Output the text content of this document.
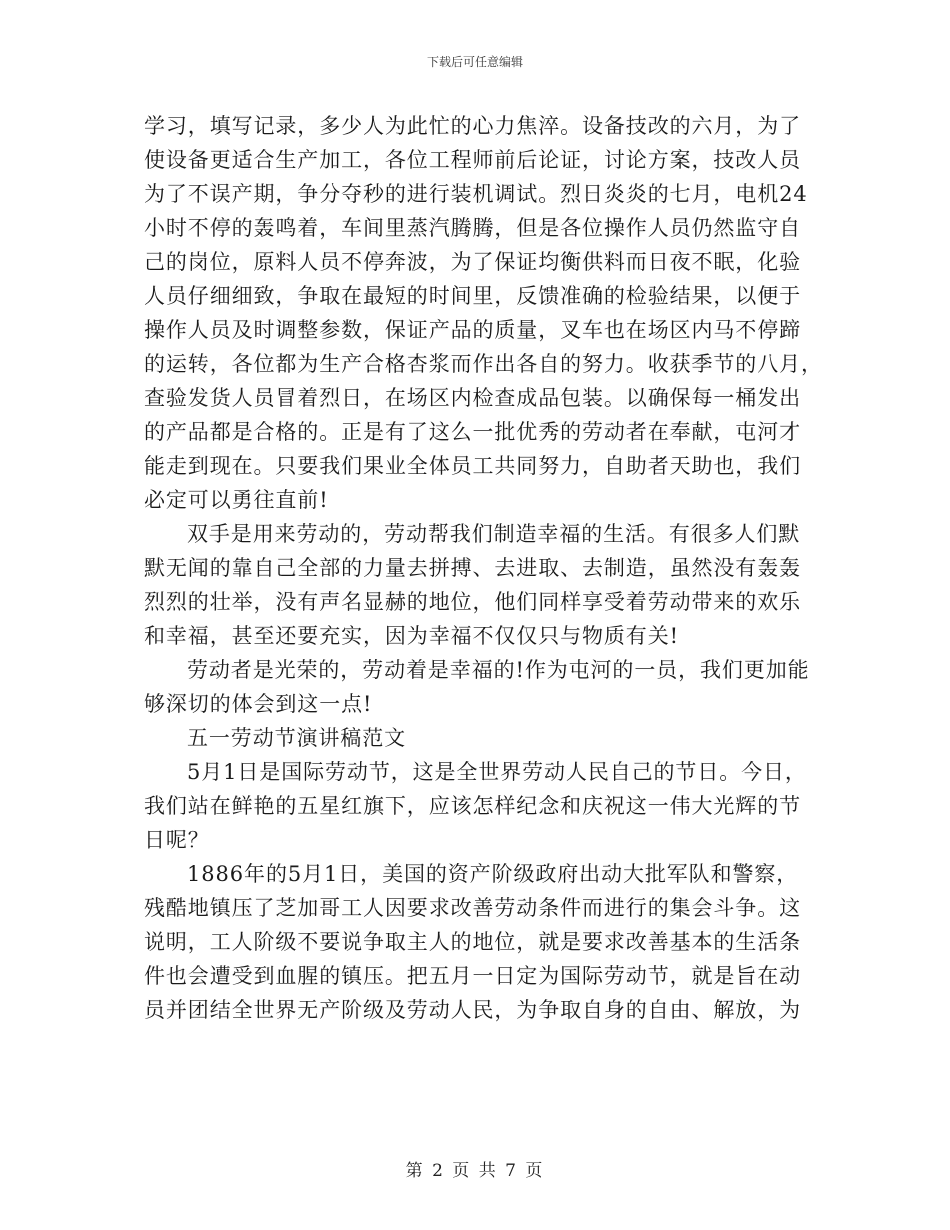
下载后可任意编辑
学习，填写记录，多少人为此忙的心力焦淬。设备技改的六月，为了
使设备更适合生产加工，各位工程师前后论证，讨论方案，技改人员
为了不误产期，争分夺秒的进行装机调试。烈日炎炎的七月，电机24
小时不停的轰鸣着，车间里蒸汽腾腾，但是各位操作人员仍然监守自
己的岗位，原料人员不停奔波，为了保证均衡供料而日夜不眠，化验
人员仔细细致，争取在最短的时间里，反馈准确的检验结果，以便于
操作人员及时调整参数，保证产品的质量，叉车也在场区内马不停蹄
的运转，各位都为生产合格杏浆而作出各自的努力。收获季节的八月，
查验发货人员冒着烈日，在场区内检查成品包装。以确保每一桶发出
的产品都是合格的。正是有了这么一批优秀的劳动者在奉献，屯河才
能走到现在。只要我们果业全体员工共同努力，自助者天助也，我们
必定可以勇往直前!
双手是用来劳动的，劳动帮我们制造幸福的生活。有很多人们默
默无闻的靠自己全部的力量去拼搏、去进取、去制造，虽然没有轰轰
烈烈的壮举，没有声名显赫的地位，他们同样享受着劳动带来的欢乐
和幸福，甚至还要充实，因为幸福不仅仅只与物质有关!
劳动者是光荣的，劳动着是幸福的!作为屯河的一员，我们更加能
够深切的体会到这一点!
五一劳动节演讲稿范文
5月1日是国际劳动节，这是全世界劳动人民自己的节日。今日，
我们站在鲜艳的五星红旗下，应该怎样纪念和庆祝这一伟大光辉的节
日呢？
1886年的5月1日，美国的资产阶级政府出动大批军队和警察，
残酷地镇压了芝加哥工人因要求改善劳动条件而进行的集会斗争。这
说明，工人阶级不要说争取主人的地位，就是要求改善基本的生活条
件也会遭受到血腥的镇压。把五月一日定为国际劳动节，就是旨在动
员并团结全世界无产阶级及劳动人民，为争取自身的自由、解放，为
第 2 页 共 7 页
